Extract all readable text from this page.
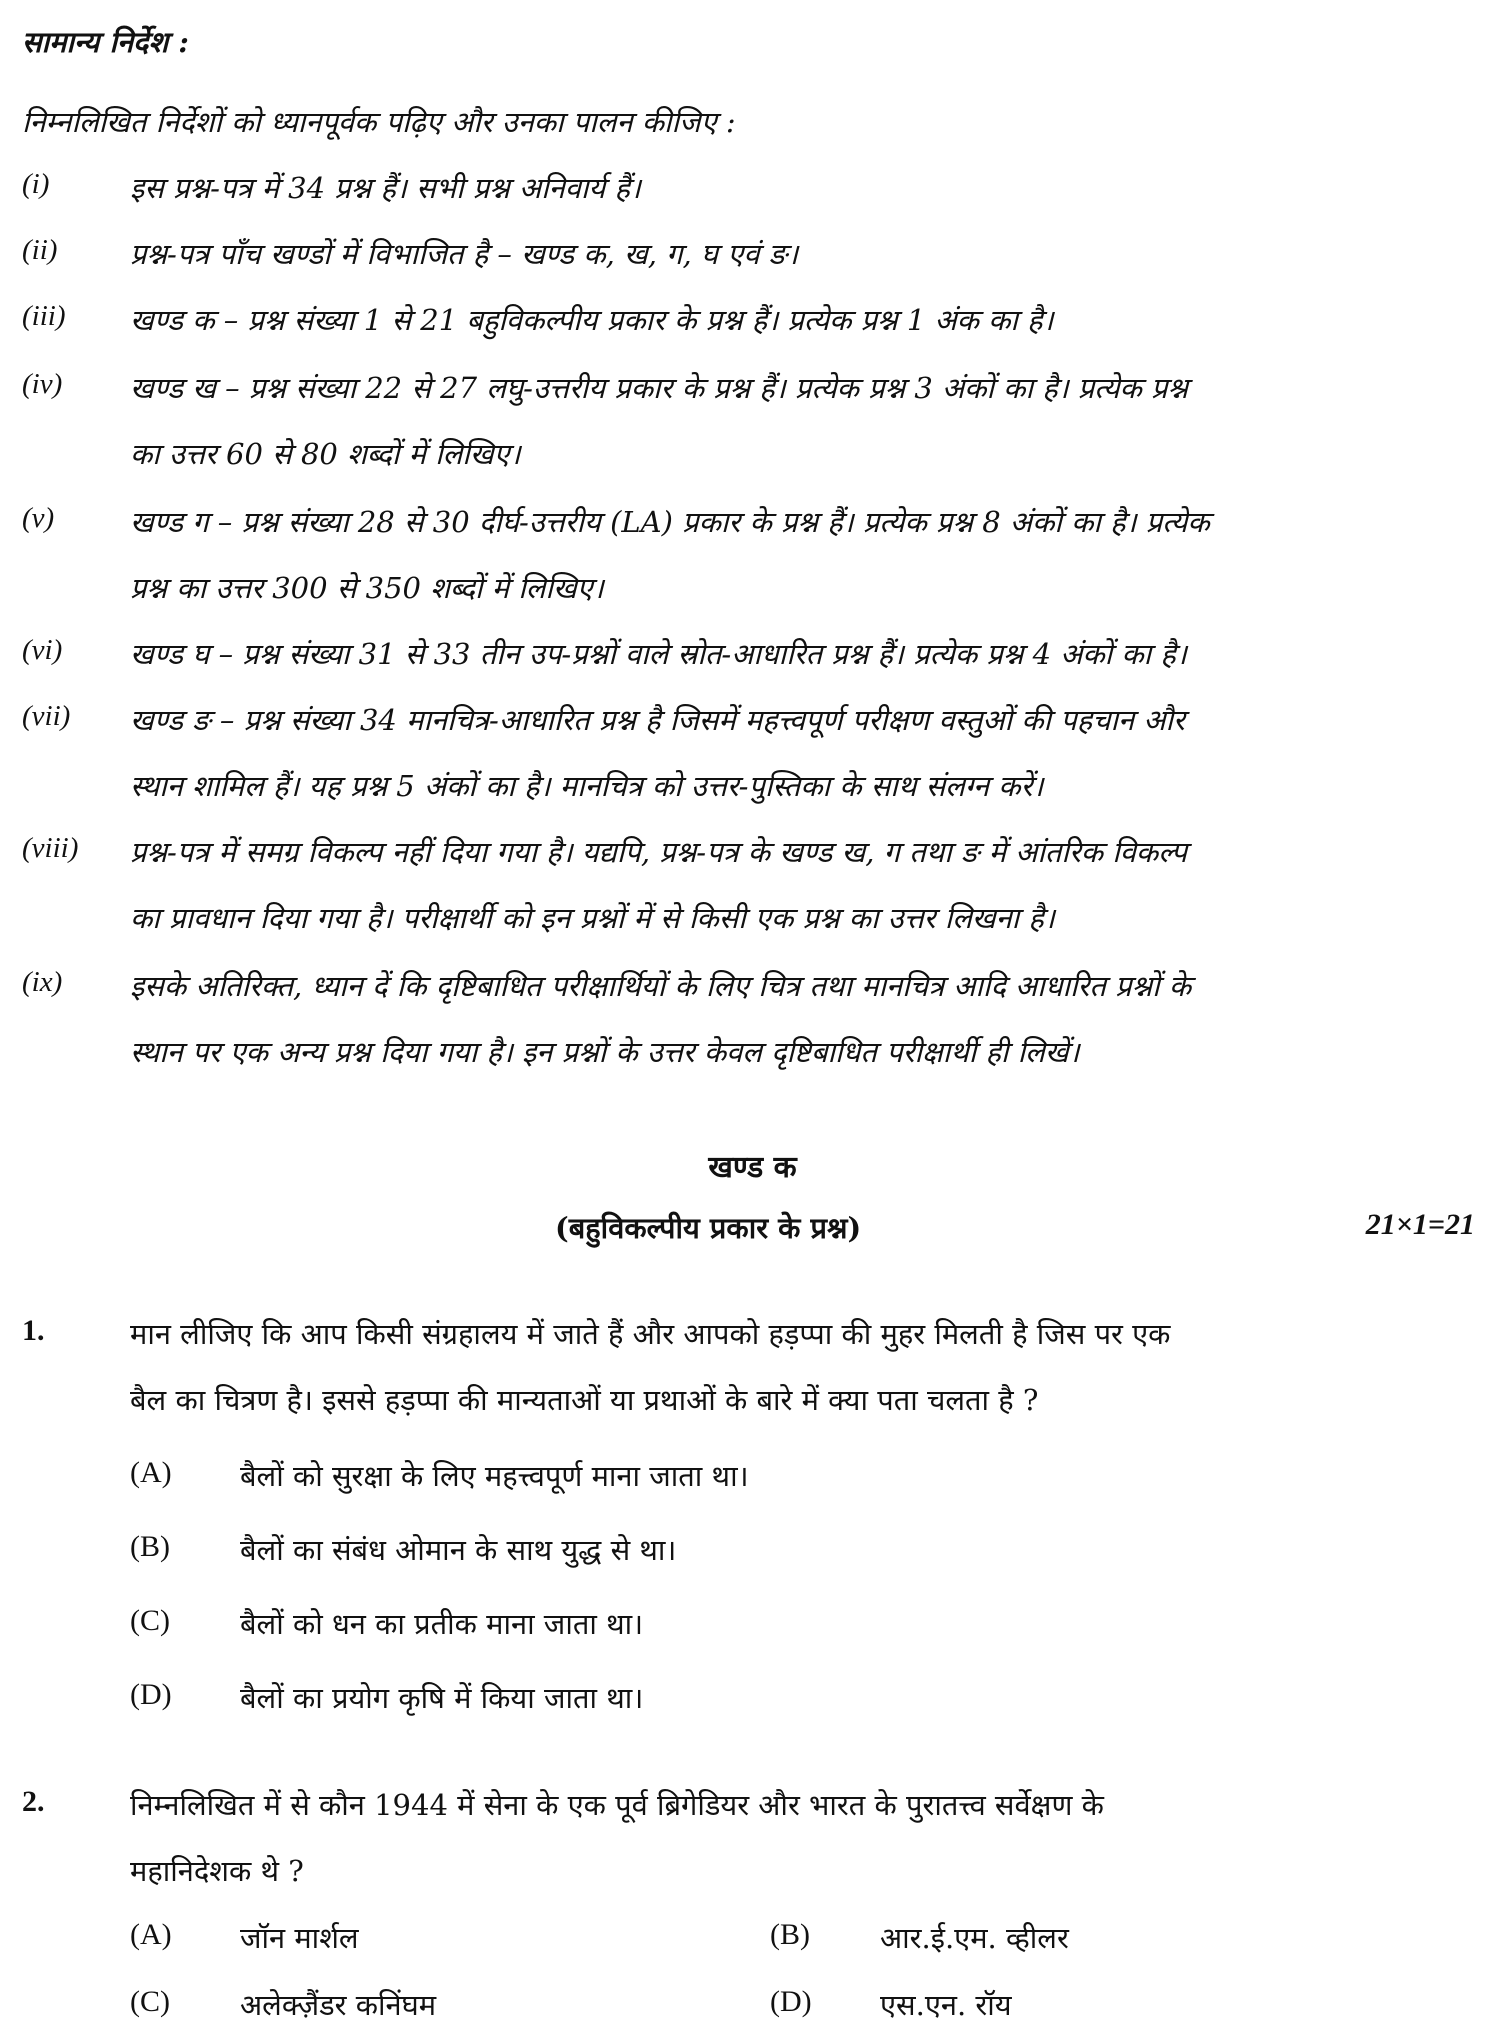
सामान्य निर्देश :
निम्नलिखित निर्देशों को ध्यानपूर्वक पढ़िए और उनका पालन कीजिए :
(i)	इस प्रश्न-पत्र में 34 प्रश्न हैं। सभी प्रश्न अनिवार्य हैं।
(ii)	प्रश्न-पत्र पाँच खण्डों में विभाजित है – खण्ड क, ख, ग, घ एवं ङ।
(iii) खण्ड क – प्रश्न संख्या 1 से 21 बहुविकल्पीय प्रकार के प्रश्न हैं। प्रत्येक प्रश्न 1 अंक का है।
(iv) खण्ड ख – प्रश्न संख्या 22 से 27 लघु-उत्तरीय प्रकार के प्रश्न हैं। प्रत्येक प्रश्न 3 अंकों का है। प्रत्येक प्रश्न
का उत्तर 60 से 80 शब्दों में लिखिए।
(v)	खण्ड ग – प्रश्न संख्या 28 से 30 दीर्घ-उत्तरीय (LA) प्रकार के प्रश्न हैं। प्रत्येक प्रश्न 8 अंकों का है। प्रत्येक
प्रश्न का उत्तर 300 से 350 शब्दों में लिखिए।
(vi) खण्ड घ – प्रश्न संख्या 31 से 33 तीन उप-प्रश्नों वाले स्रोत-आधारित प्रश्न हैं। प्रत्येक प्रश्न 4 अंकों का है।
(vii) खण्ड ङ – प्रश्न संख्या 34 मानचित्र-आधारित प्रश्न है जिसमें महत्त्वपूर्ण परीक्षण वस्तुओं की पहचान और
स्थान शामिल हैं। यह प्रश्न 5 अंकों का है। मानचित्र को उत्तर-पुस्तिका के साथ संलग्न करें।
(viii) प्रश्न-पत्र में समग्र विकल्प नहीं दिया गया है। यद्यपि, प्रश्न-पत्र के खण्ड ख, ग तथा ङ में आंतरिक विकल्प
का प्रावधान दिया गया है। परीक्षार्थी को इन प्रश्नों में से किसी एक प्रश्न का उत्तर लिखना है।
(ix) इसके अतिरिक्त, ध्यान दें कि दृष्टिबाधित परीक्षार्थियों के लिए चित्र तथा मानचित्र आदि आधारित प्रश्नों के
स्थान पर एक अन्य प्रश्न दिया गया है। इन प्रश्नों के उत्तर केवल दृष्टिबाधित परीक्षार्थी ही लिखें।
खण्ड क
(बहुविकल्पीय प्रकार के प्रश्न)	21×1=21
1.	मान लीजिए कि आप किसी संग्रहालय में जाते हैं और आपको हड़प्पा की मुहर मिलती है जिस पर एक
बैल का चित्रण है। इससे हड़प्पा की मान्यताओं या प्रथाओं के बारे में क्या पता चलता है ?
(A) बैलों को सुरक्षा के लिए महत्त्वपूर्ण माना जाता था।
(B) बैलों का संबंध ओमान के साथ युद्ध से था।
(C) बैलों को धन का प्रतीक माना जाता था।
(D) बैलों का प्रयोग कृषि में किया जाता था।
2.	निम्नलिखित में से कौन 1944 में सेना के एक पूर्व ब्रिगेडियर और भारत के पुरातत्त्व सर्वेक्षण के
महानिदेशक थे ?
(A) जॉन मार्शल	(B) आर.ई.एम. व्हीलर
(C) अलेक्ज़ैंडर कनिंघम	(D) एस.एन. रॉय
